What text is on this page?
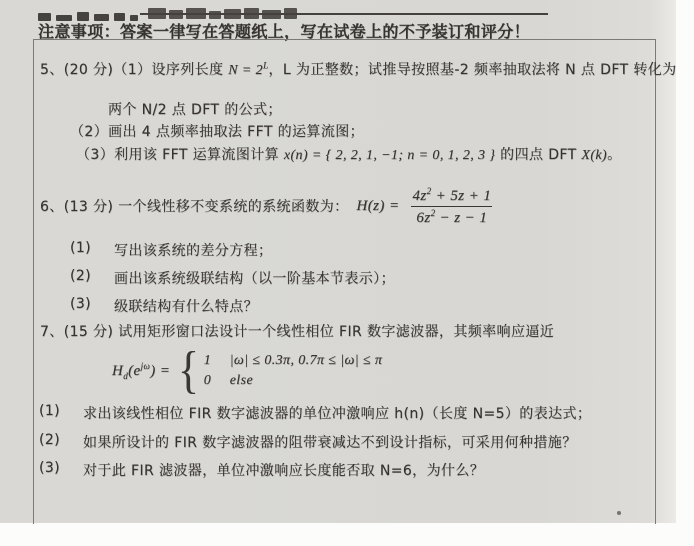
注意事项：答案一律写在答题纸上，写在试卷上的不予装订和评分！
5、(20 分)（1）设序列长度 $N = 2^L$，L 为正整数；试推导按照基-2 频率抽取法将 N 点 DFT 转化为
两个 N/2 点 DFT 的公式；
（2）画出 4 点频率抽取法 FFT 的运算流图；
（3）利用该 FFT 运算流图计算 x(n) = { 2, 2, 1, −1; n = 0, 1, 2, 3 } 的四点 DFT X(k)。
6、(13 分) 一个线性移不变系统的系统函数为： $H(z) = \frac{4z^2 + 5z + 1}{6z^2 - z - 1}$
(1)	写出该系统的差分方程；
(2)	画出该系统级联结构（以一阶基本节表示）；
(3)	级联结构有什么特点？
7、(15 分) 试用矩形窗口法设计一个线性相位 FIR 数字滤波器，其频率响应逼近
$H_d(e^{j\omega})$ = { 1	|ω| ≤ 0.3π, 0.7π ≤ |ω| ≤ π
0	else
(1)	求出该线性相位 FIR 数字滤波器的单位冲激响应 h(n)（长度 N=5）的表达式；
(2)	如果所设计的 FIR 数字滤波器的阻带衰减达不到设计指标，可采用何种措施？
(3)	对于此 FIR 滤波器，单位冲激响应长度能否取 N=6，为什么？
